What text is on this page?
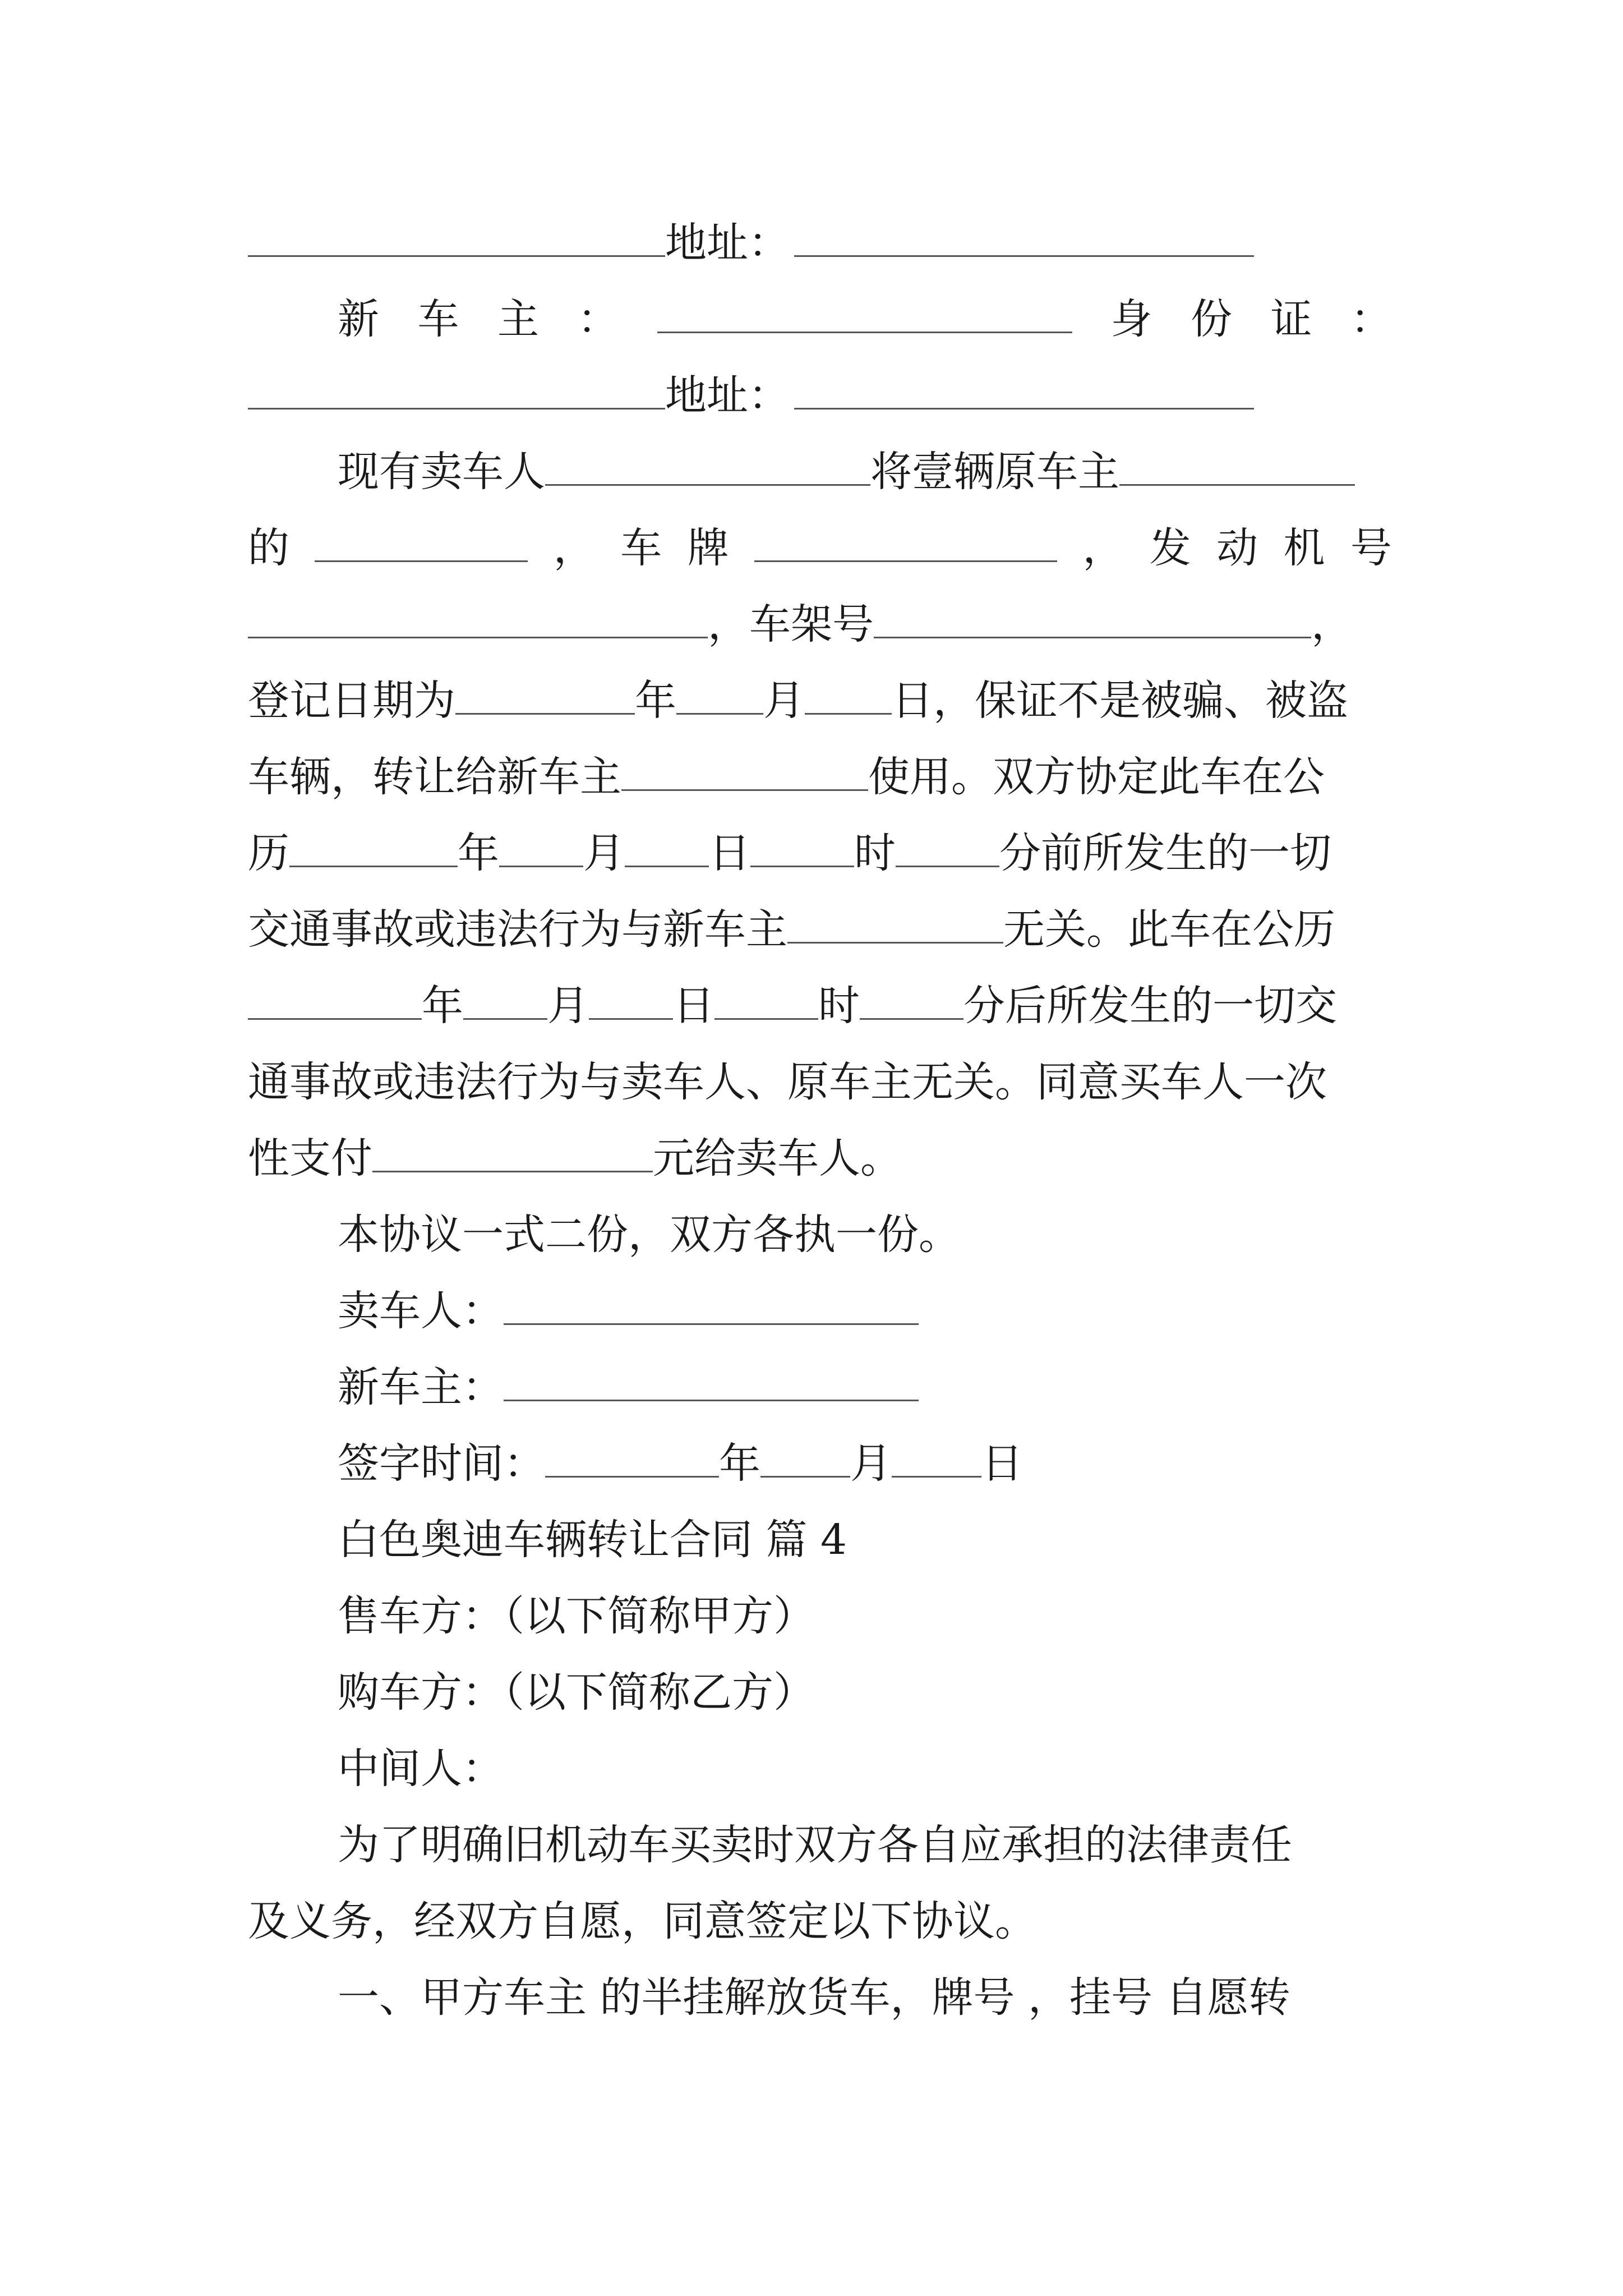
地址：
新 车 主 ：	身 份 证 ：
地址：
现有卖车人	将壹辆原车主
的	， 车 牌	， 发 动 机 号
，车架号	，
登记日期为	年 月 日，保证不是被骗、被盗
车辆，转让给新车主	使用。双方协定此车在公
历	年 月 日	时	分前所发生的一切
交通事故或违法行为与新车主	无关。此车在公历
年 月 日	时	分后所发生的一切交
通事故或违法行为与卖车人、原车主无关。同意买车人一次
性支付	元给卖车人。
本协议一式二份，双方各执一份。
卖车人：
新车主：
签字时间：	年 月 日
白色奥迪车辆转让合同 篇 4
售车方：（以下简称甲方）
购车方：（以下简称乙方）
中间人：
为了明确旧机动车买卖时双方各自应承担的法律责任
及义务，经双方自愿，同意签定以下协议。
一、甲方车主 的半挂解放货车，牌号 ，挂号 自愿转
